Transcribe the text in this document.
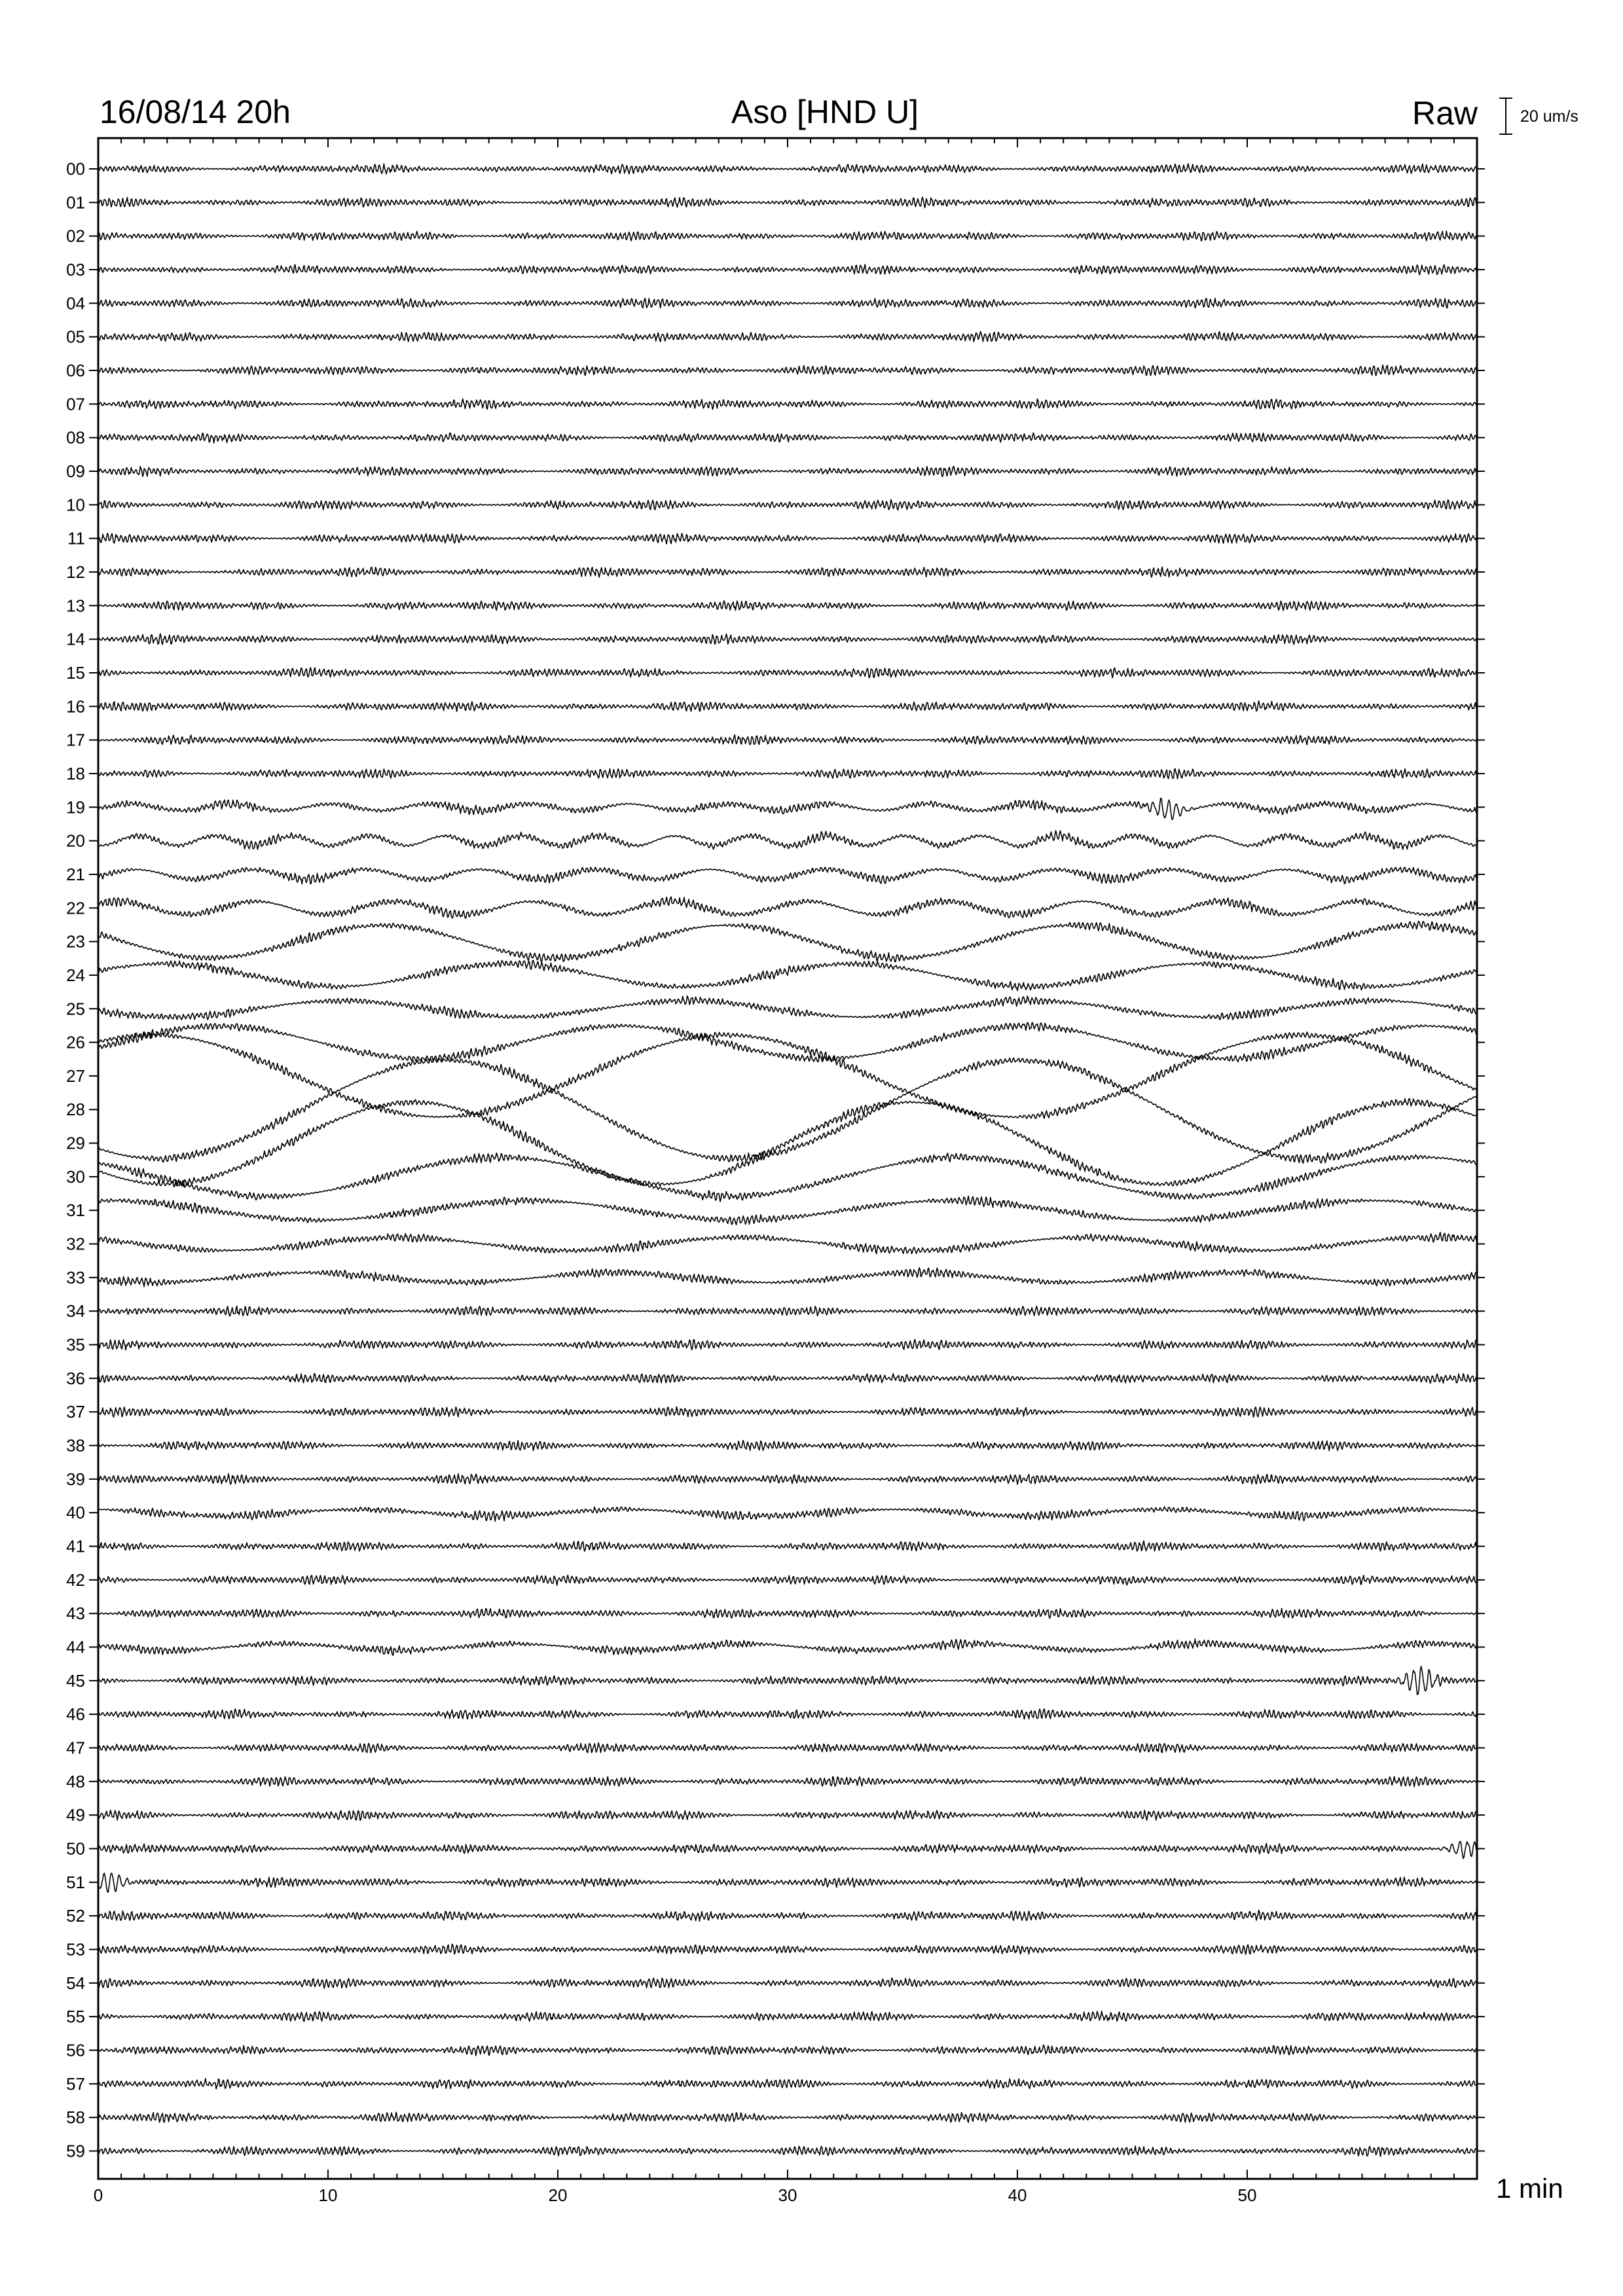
16/08/14 20h	Aso [HND U]	Raw	20 um/s
00
01
02
03
04
05
06
07
08
09
10
11
12
13
14
15
16
17
18
19
20
21
22
23
24
25
26
27
28
29
30
31
32
33
34
35
36
37
38
39
40
41
42
43
44
45
46
47
48
49
50
51
52
53
54
55
56
57
58
59
0	10	20	30	40	50	1 min
